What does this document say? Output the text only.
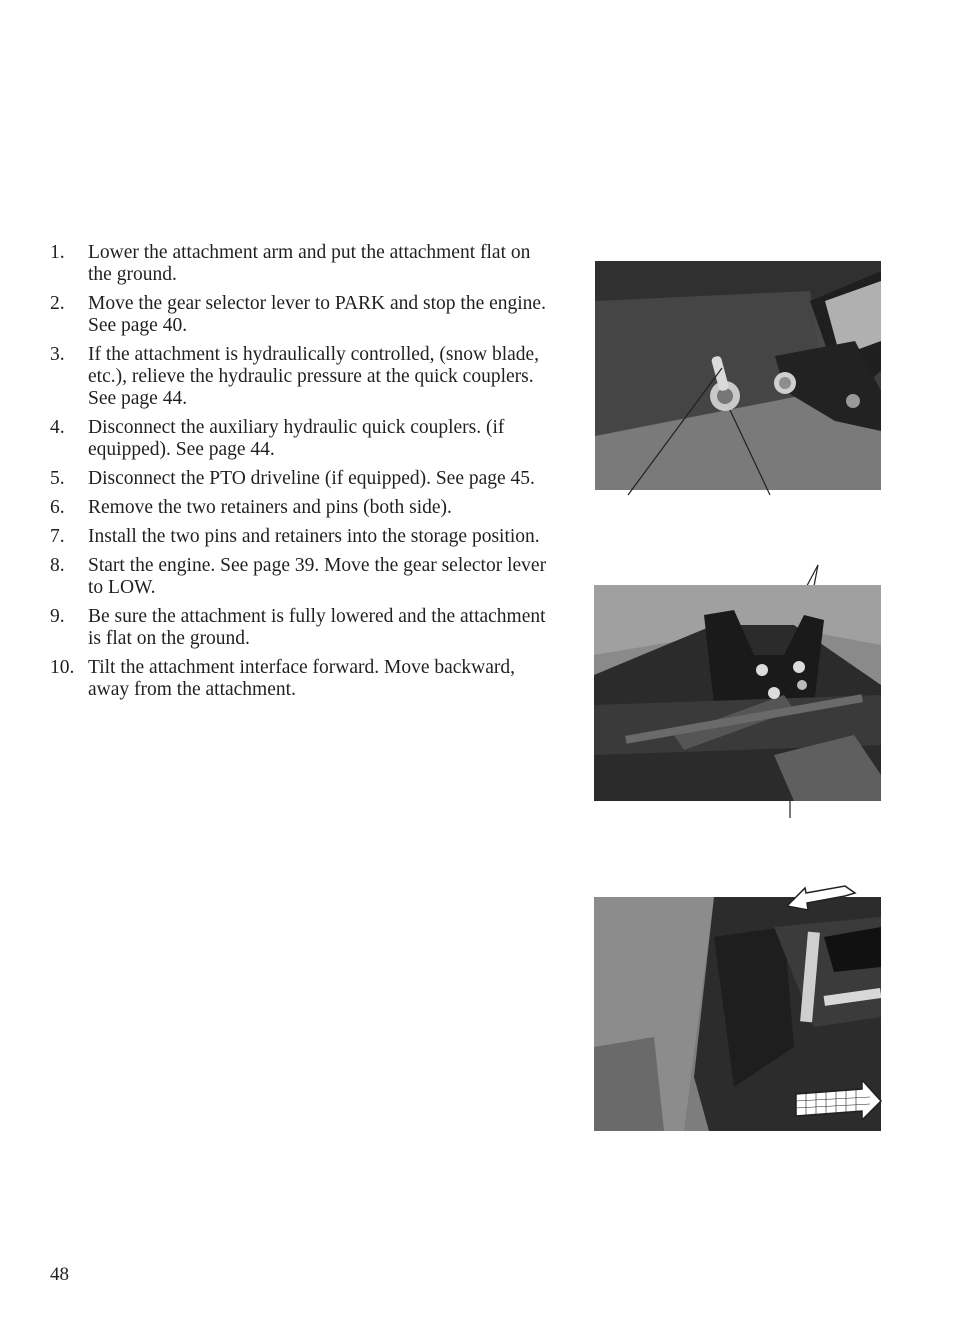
1.	Lower the attachment arm and put the attachment flat on the ground.
2.	Move the gear selector lever to PARK and stop the engine. See page 40.
3.	If the attachment is hydraulically controlled, (snow blade, etc.), relieve the hydraulic pressure at the quick couplers. See page 44.
4.	Disconnect the auxiliary hydraulic quick couplers. (if equipped). See page 44.
5.	Disconnect the PTO driveline (if equipped). See page 45.
6.	Remove the two retainers and pins (both side).
7.	Install the two pins and retainers into the storage position.
8.	Start the engine. See page 39. Move the gear selector lever to LOW.
9.	Be sure the attachment is fully lowered and the attachment is flat on the ground.
10. Tilt the attachment interface forward. Move backward, away from the attachment.
48
